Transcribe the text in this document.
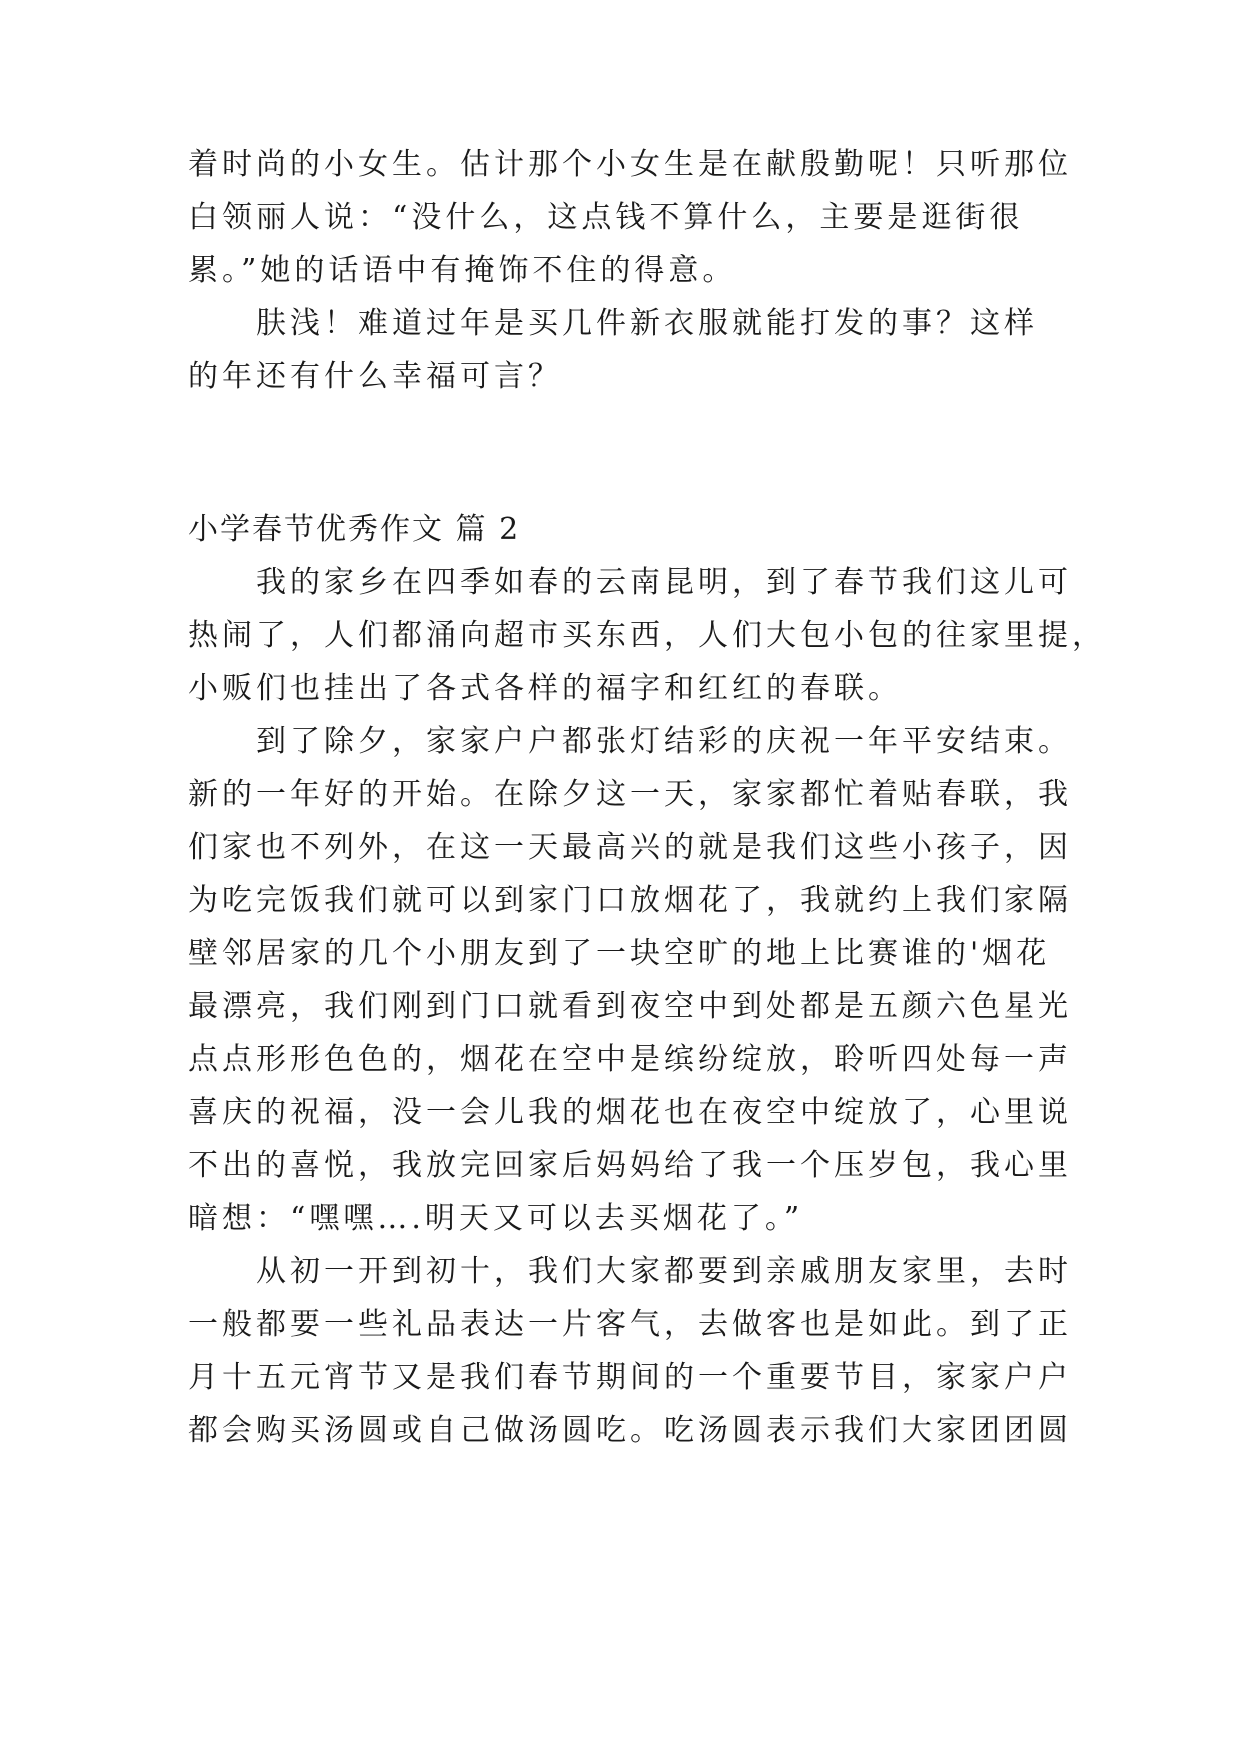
着时尚的小女生。估计那个小女生是在献殷勤呢！只听那位
白领丽人说：“没什么，这点钱不算什么，主要是逛街很
累。”她的话语中有掩饰不住的得意。
肤浅！难道过年是买几件新衣服就能打发的事？这样
的年还有什么幸福可言？
小学春节优秀作文 篇 2
我的家乡在四季如春的云南昆明，到了春节我们这儿可
热闹了，人们都涌向超市买东西，人们大包小包的往家里提，
小贩们也挂出了各式各样的福字和红红的春联。
到了除夕，家家户户都张灯结彩的庆祝一年平安结束。
新的一年好的开始。在除夕这一天，家家都忙着贴春联，我
们家也不列外，在这一天最高兴的就是我们这些小孩子，因
为吃完饭我们就可以到家门口放烟花了，我就约上我们家隔
壁邻居家的几个小朋友到了一块空旷的地上比赛谁的'烟花
最漂亮，我们刚到门口就看到夜空中到处都是五颜六色星光
点点形形色色的，烟花在空中是缤纷绽放，聆听四处每一声
喜庆的祝福，没一会儿我的烟花也在夜空中绽放了，心里说
不出的喜悦，我放完回家后妈妈给了我一个压岁包，我心里
暗想：“嘿嘿….明天又可以去买烟花了。”
从初一开到初十，我们大家都要到亲戚朋友家里，去时
一般都要一些礼品表达一片客气，去做客也是如此。到了正
月十五元宵节又是我们春节期间的一个重要节目，家家户户
都会购买汤圆或自己做汤圆吃。吃汤圆表示我们大家团团圆
